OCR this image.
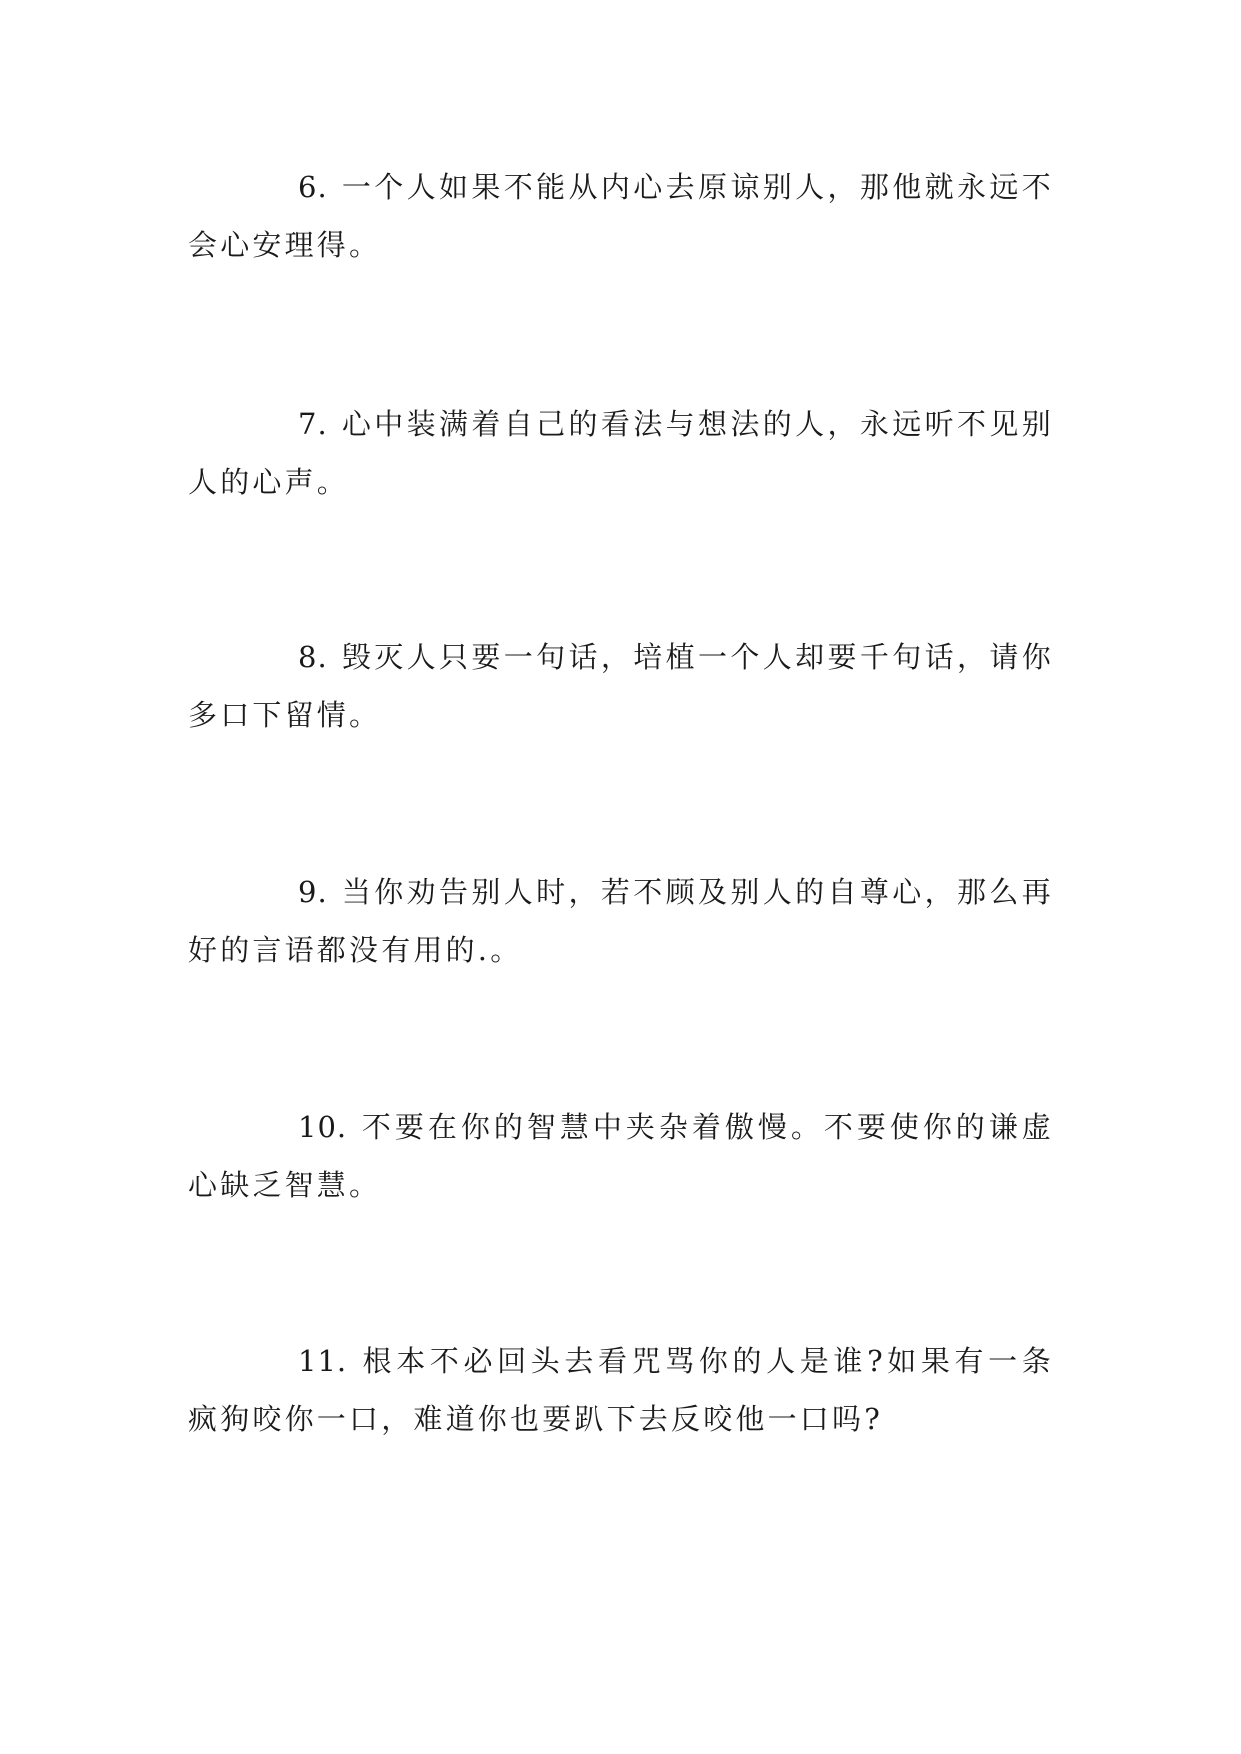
6. 一个人如果不能从内心去原谅别人，那他就永远不会心安理得。

7. 心中装满着自己的看法与想法的人，永远听不见别人的心声。

8. 毁灭人只要一句话，培植一个人却要千句话，请你多口下留情。

9. 当你劝告别人时，若不顾及别人的自尊心，那么再好的言语都没有用的.。

10. 不要在你的智慧中夹杂着傲慢。不要使你的谦虚心缺乏智慧。

11. 根本不必回头去看咒骂你的人是谁?如果有一条疯狗咬你一口，难道你也要趴下去反咬他一口吗?
